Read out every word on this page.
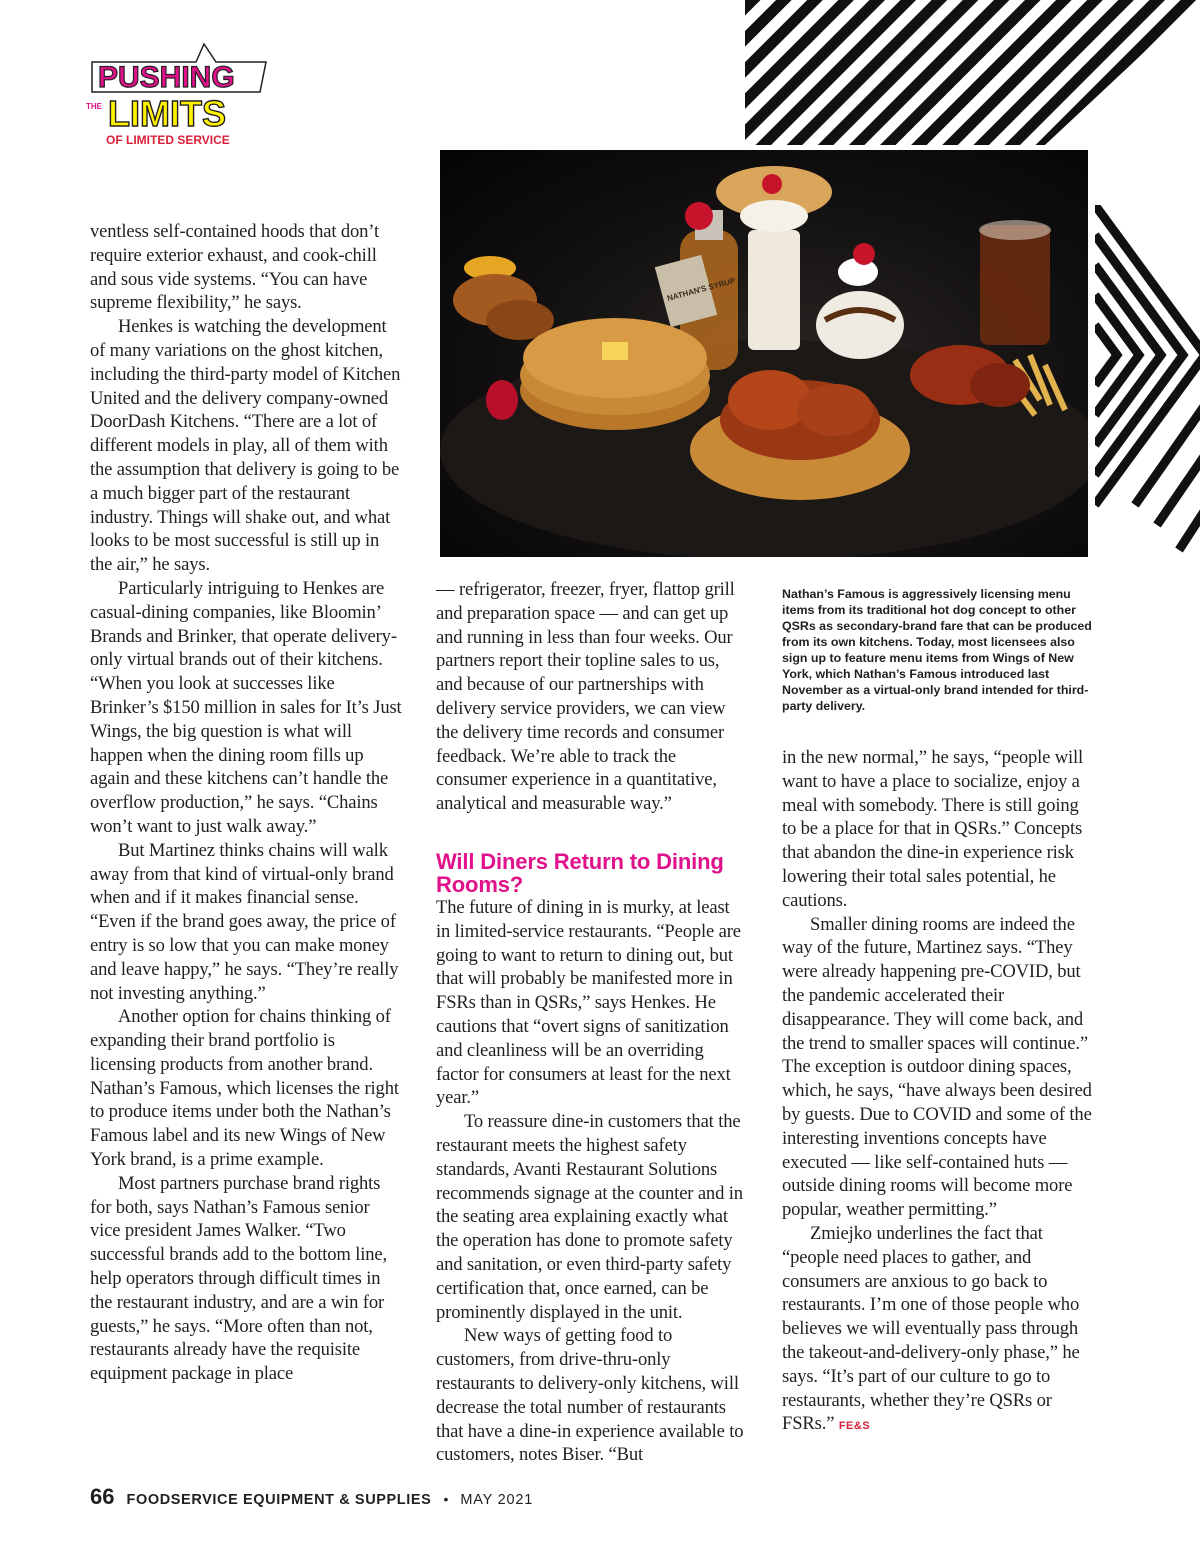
PUSHING
THE LIMITS
OF LIMITED SERVICE
NATHAN'S SYRUP

ventless self-contained hoods that don’t require exterior exhaust, and cook-chill and sous vide systems. “You can have supreme flexibility,” he says.

Henkes is watching the development of many variations on the ghost kitchen, including the third-party model of Kitchen United and the delivery company-owned DoorDash Kitchens. “There are a lot of different models in play, all of them with the assumption that delivery is going to be a much bigger part of the restaurant industry. Things will shake out, and what looks to be most successful is still up in the air,” he says.

Particularly intriguing to Henkes are casual-dining companies, like Bloomin’ Brands and Brinker, that operate delivery-only virtual brands out of their kitchens. “When you look at successes like Brinker’s $150 million in sales for It’s Just Wings, the big question is what will happen when the dining room fills up again and these kitchens can’t handle the overflow production,” he says. “Chains won’t want to just walk away.”

But Martinez thinks chains will walk away from that kind of virtual-only brand when and if it makes financial sense. “Even if the brand goes away, the price of entry is so low that you can make money and leave happy,” he says. “They’re really not investing anything.”

Another option for chains thinking of expanding their brand portfolio is licensing products from another brand. Nathan’s Famous, which licenses the right to produce items under both the Nathan’s Famous label and its new Wings of New York brand, is a prime example.

Most partners purchase brand rights for both, says Nathan’s Famous senior vice president James Walker. “Two successful brands add to the bottom line, help operators through difficult times in the restaurant industry, and are a win for guests,” he says. “More often than not, restaurants already have the requisite equipment package in place

Nathan’s Famous is aggressively licensing menu items from its traditional hot dog concept to other QSRs as secondary-brand fare that can be produced from its own kitchens. Today, most licensees also sign up to feature menu items from Wings of New York, which Nathan’s Famous introduced last November as a virtual-only brand intended for third-party delivery.

— refrigerator, freezer, fryer, flattop grill and preparation space — and can get up and running in less than four weeks. Our partners report their topline sales to us, and because of our partnerships with delivery service providers, we can view the delivery time records and consumer feedback. We’re able to track the consumer experience in a quantitative, analytical and measurable way.”

Will Diners Return to Dining Rooms?

The future of dining in is murky, at least in limited-service restaurants. “People are going to want to return to dining out, but that will probably be manifested more in FSRs than in QSRs,” says Henkes. He cautions that “overt signs of sanitization and cleanliness will be an overriding factor for consumers at least for the next year.”

To reassure dine-in customers that the restaurant meets the highest safety standards, Avanti Restaurant Solutions recommends signage at the counter and in the seating area explaining exactly what the operation has done to promote safety and sanitation, or even third-party safety certification that, once earned, can be prominently displayed in the unit.

New ways of getting food to customers, from drive-thru-only restaurants to delivery-only kitchens, will decrease the total number of restaurants that have a dine-in experience available to customers, notes Biser. “But

in the new normal,” he says, “people will want to have a place to socialize, enjoy a meal with somebody. There is still going to be a place for that in QSRs.” Concepts that abandon the dine-in experience risk lowering their total sales potential, he cautions.

Smaller dining rooms are indeed the way of the future, Martinez says. “They were already happening pre-COVID, but the pandemic accelerated their disappearance. They will come back, and the trend to smaller spaces will continue.” The exception is outdoor dining spaces, which, he says, “have always been desired by guests. Due to COVID and some of the interesting inventions concepts have executed — like self-contained huts — outside dining rooms will become more popular, weather permitting.”

Zmiejko underlines the fact that “people need places to gather, and consumers are anxious to go back to restaurants. I’m one of those people who believes we will eventually pass through the takeout-and-delivery-only phase,” he says. “It’s part of our culture to go to restaurants, whether they’re QSRs or FSRs.” FE&S

66 FOODSERVICE EQUIPMENT & SUPPLIES • MAY 2021
